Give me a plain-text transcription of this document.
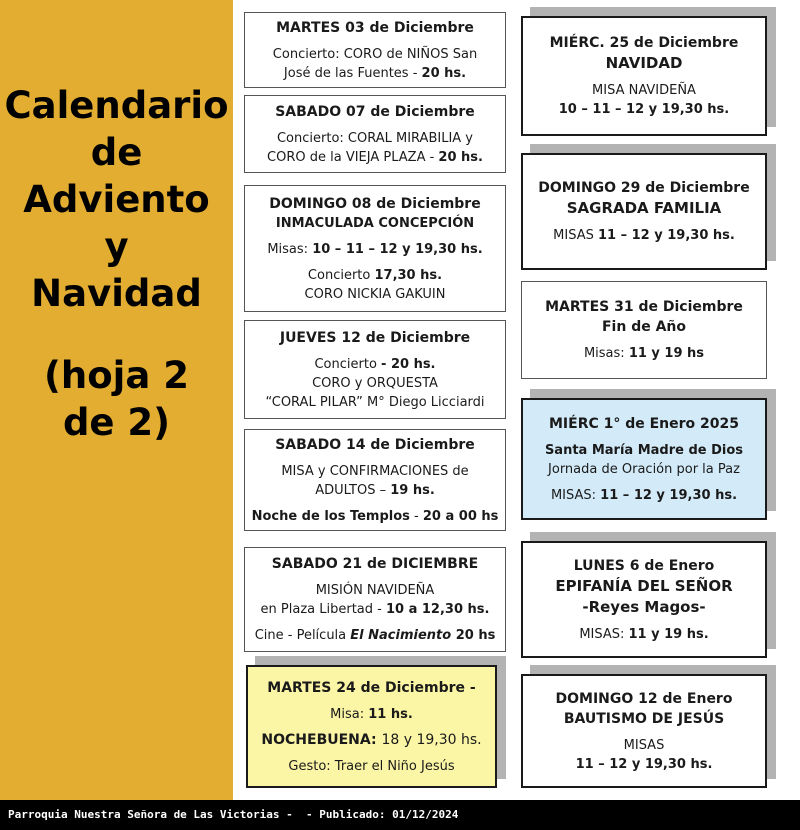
Calendario
de
Adviento
y
Navidad
(hoja 2
de 2)
MARTES 03 de Diciembre
Concierto: CORO de NIÑOS San
José de las Fuentes - 20 hs.
SABADO 07 de Diciembre
Concierto: CORAL MIRABILIA y
CORO de la VIEJA PLAZA - 20 hs.
DOMINGO 08 de Diciembre
INMACULADA CONCEPCIÓN
Misas: 10 – 11 – 12 y 19,30 hs.
Concierto 17,30 hs.
CORO NICKIA GAKUIN
JUEVES 12 de Diciembre
Concierto - 20 hs.
CORO y ORQUESTA
“CORAL PILAR” M° Diego Licciardi
SABADO 14 de Diciembre
MISA y CONFIRMACIONES de
ADULTOS – 19 hs.
Noche de los Templos - 20 a 00 hs
SABADO 21 de DICIEMBRE
MISIÓN NAVIDEÑA
en Plaza Libertad - 10 a 12,30 hs.
Cine - Película El Nacimiento 20 hs
MARTES 24 de Diciembre -
Misa: 11 hs.
NOCHEBUENA: 18 y 19,30 hs.
Gesto: Traer el Niño Jesús
MIÉRC. 25 de Diciembre
NAVIDAD
MISA NAVIDEÑA
10 – 11 – 12 y 19,30 hs.
DOMINGO 29 de Diciembre
SAGRADA FAMILIA
MISAS 11 – 12 y 19,30 hs.
MARTES 31 de Diciembre
Fin de Año
Misas: 11 y 19 hs
MIÉRC 1° de Enero 2025
Santa María Madre de Dios
Jornada de Oración por la Paz
MISAS: 11 – 12 y 19,30 hs.
LUNES 6 de Enero
EPIFANÍA DEL SEÑOR
-Reyes Magos-
MISAS: 11 y 19 hs.
DOMINGO 12 de Enero
BAUTISMO DE JESÚS
MISAS
11 – 12 y 19,30 hs.
Parroquia Nuestra Señora de Las Victorias -  - Publicado: 01/12/2024
